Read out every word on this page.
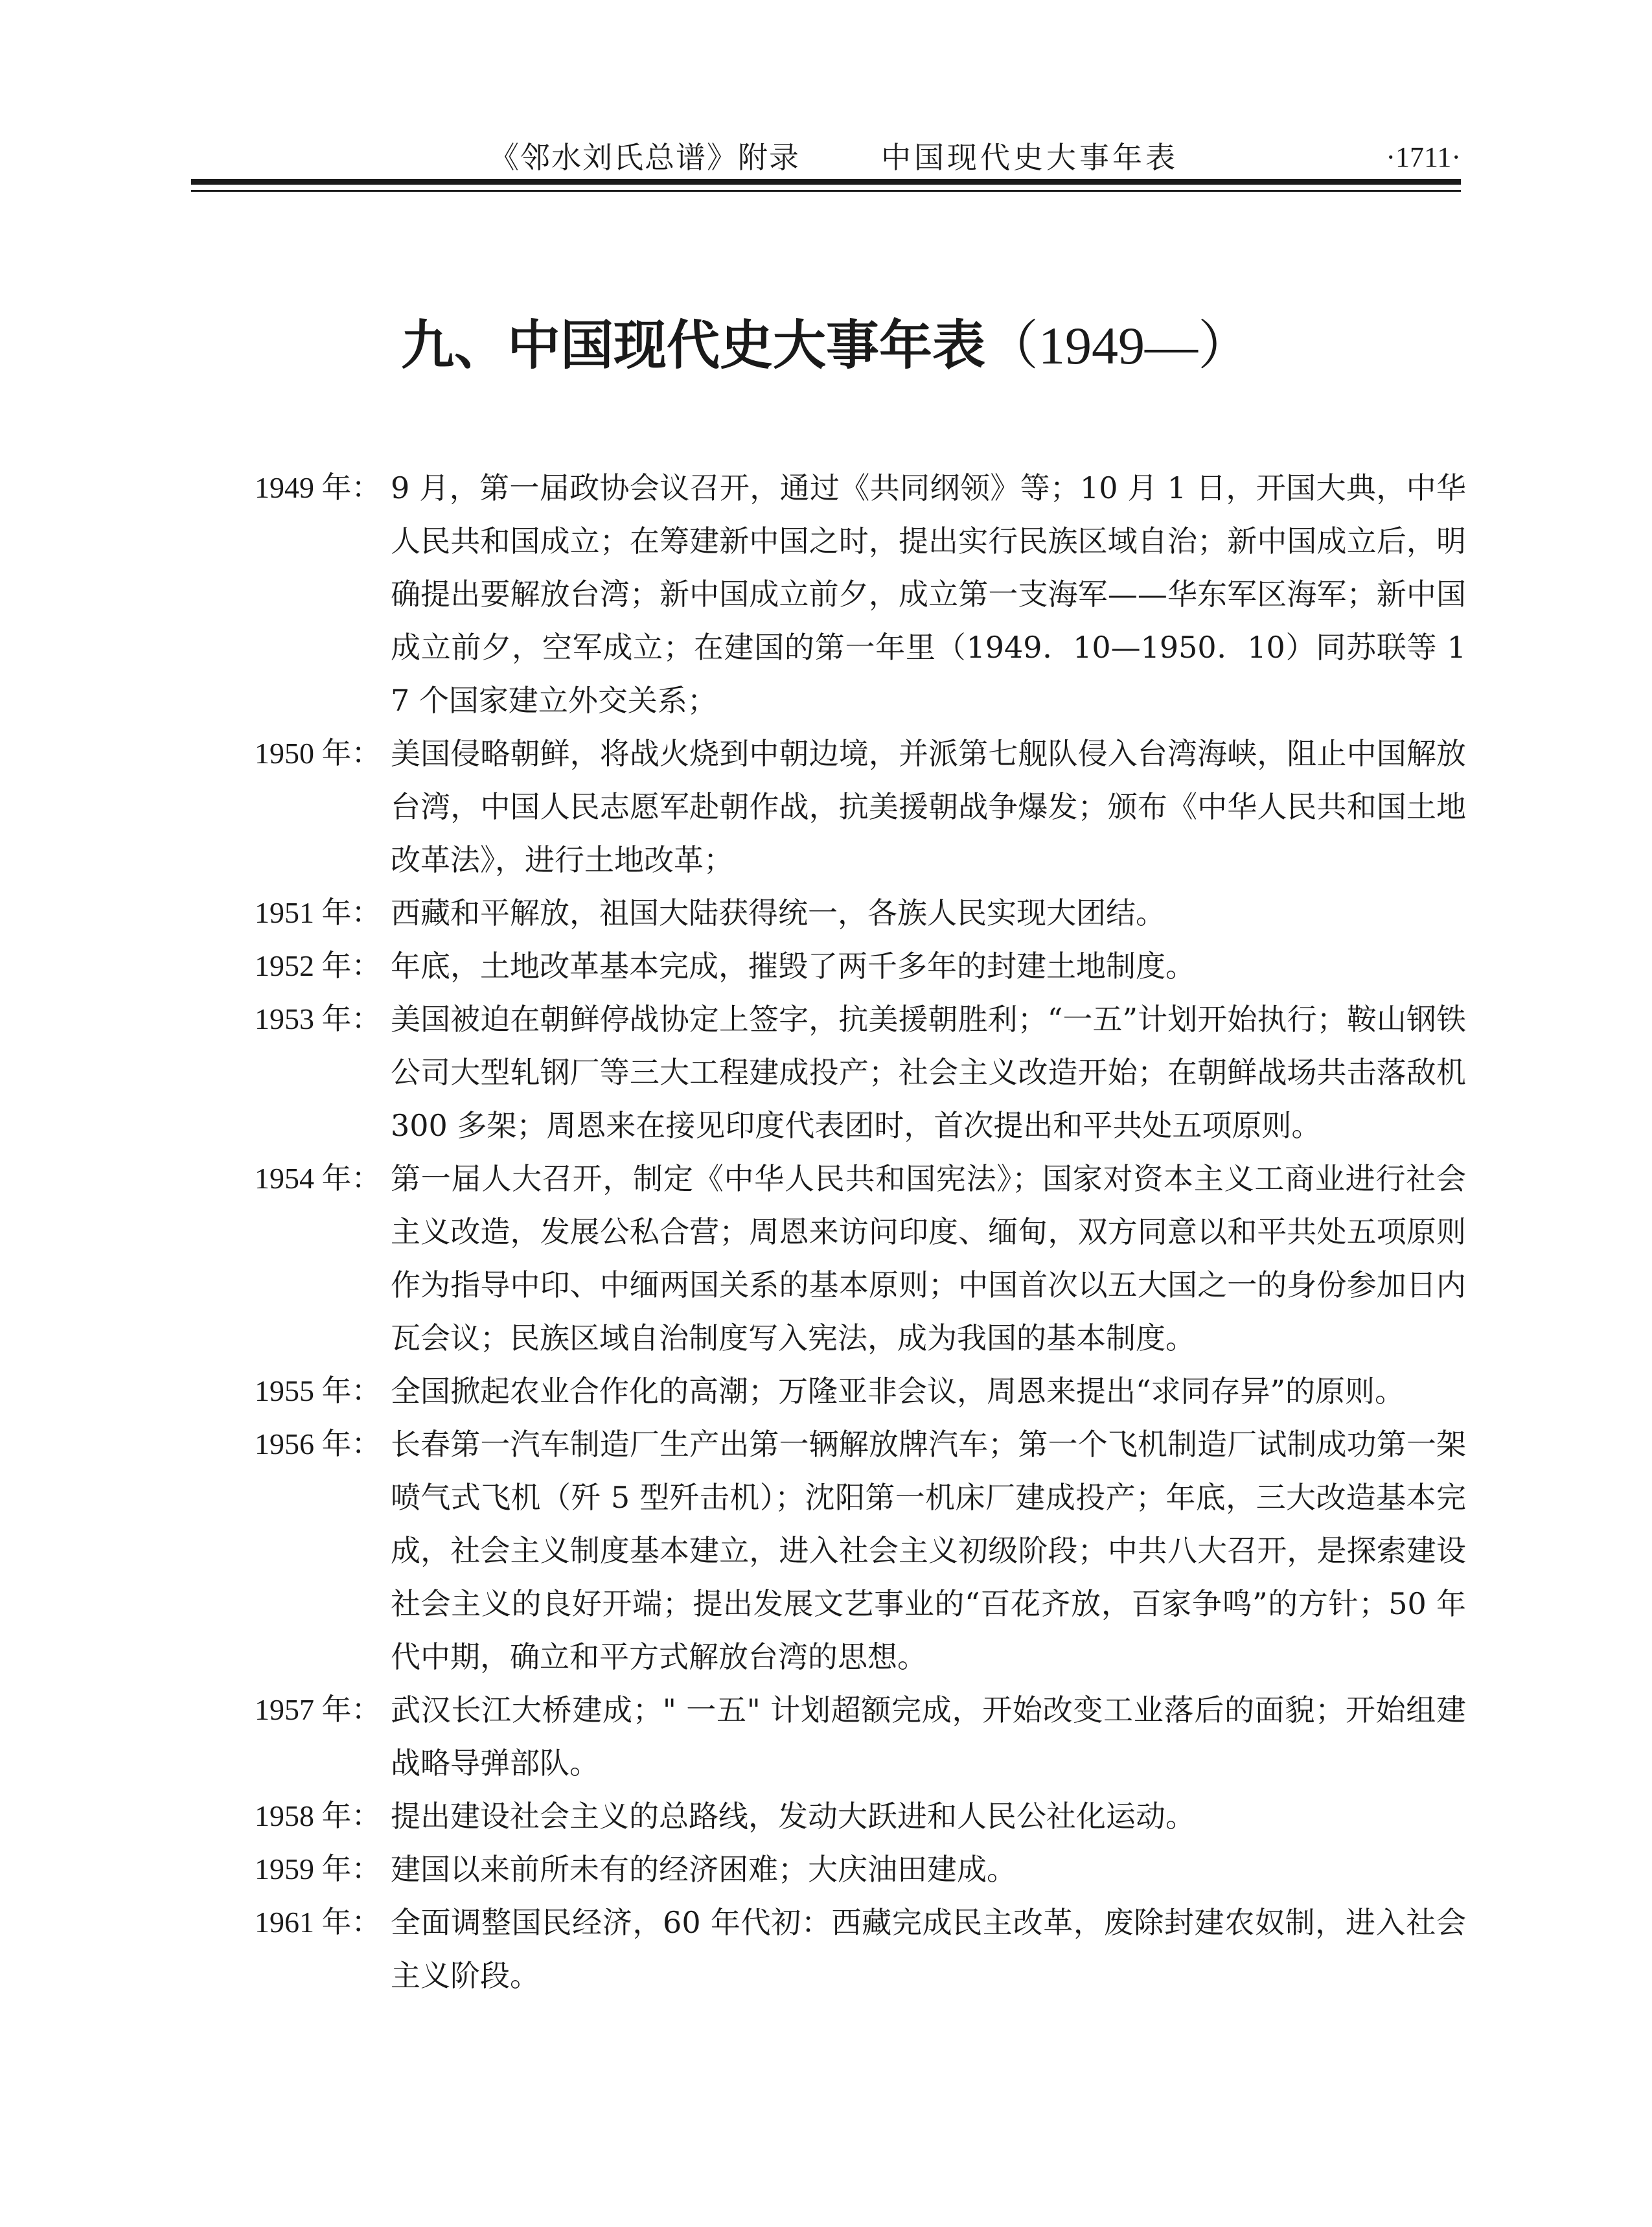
《邻水刘氏总谱》附录	中国现代史大事年表	·1711·
九、中国现代史大事年表（1949—）
1949 年： 9 月，第一届政协会议召开，通过《共同纲领》等；10 月 1 日，开国大典，中华人民共和国成立；在筹建新中国之时，提出实行民族区域自治；新中国成立后，明确提出要解放台湾；新中国成立前夕，成立第一支海军——华东军区海军；新中国成立前夕，空军成立；在建国的第一年里（1949．10—1950．10）同苏联等 17 个国家建立外交关系；
1950 年： 美国侵略朝鲜，将战火烧到中朝边境，并派第七舰队侵入台湾海峡，阻止中国解放台湾，中国人民志愿军赴朝作战，抗美援朝战争爆发；颁布《中华人民共和国土地改革法》，进行土地改革；
1951 年： 西藏和平解放，祖国大陆获得统一，各族人民实现大团结。
1952 年： 年底，土地改革基本完成，摧毁了两千多年的封建土地制度。
1953 年： 美国被迫在朝鲜停战协定上签字，抗美援朝胜利；“一五”计划开始执行；鞍山钢铁公司大型轧钢厂等三大工程建成投产；社会主义改造开始；在朝鲜战场共击落敌机 300 多架；周恩来在接见印度代表团时，首次提出和平共处五项原则。
1954 年： 第一届人大召开，制定《中华人民共和国宪法》；国家对资本主义工商业进行社会主义改造，发展公私合营；周恩来访问印度、缅甸，双方同意以和平共处五项原则作为指导中印、中缅两国关系的基本原则；中国首次以五大国之一的身份参加日内瓦会议；民族区域自治制度写入宪法，成为我国的基本制度。
1955 年： 全国掀起农业合作化的高潮；万隆亚非会议，周恩来提出“求同存异”的原则。
1956 年： 长春第一汽车制造厂生产出第一辆解放牌汽车；第一个飞机制造厂试制成功第一架喷气式飞机（歼 5 型歼击机）；沈阳第一机床厂建成投产；年底，三大改造基本完成，社会主义制度基本建立，进入社会主义初级阶段；中共八大召开，是探索建设社会主义的良好开端；提出发展文艺事业的“百花齐放，百家争鸣”的方针；50 年代中期，确立和平方式解放台湾的思想。
1957 年： 武汉长江大桥建成；" 一五" 计划超额完成，开始改变工业落后的面貌；开始组建战略导弹部队。
1958 年： 提出建设社会主义的总路线，发动大跃进和人民公社化运动。
1959 年： 建国以来前所未有的经济困难；大庆油田建成。
1961 年： 全面调整国民经济，60 年代初：西藏完成民主改革，废除封建农奴制，进入社会主义阶段。
